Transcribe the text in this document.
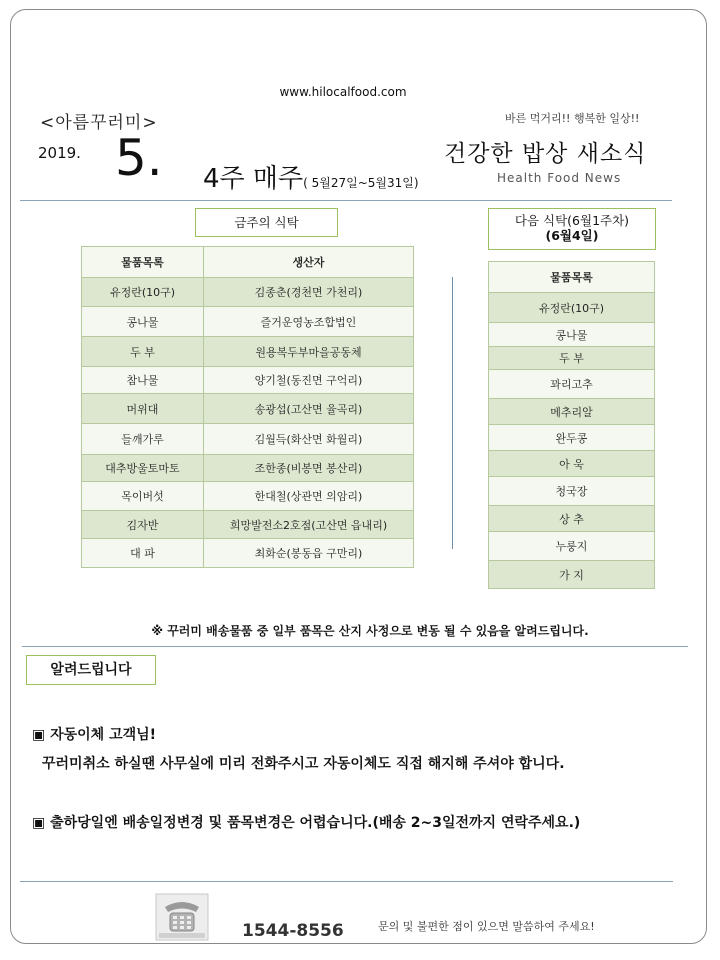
www.hilocalfood.com
<아름꾸러미>
2019. 5. 4주 매주( 5월27일~5월31일)
바른 먹거리!! 행복한 일상!!
건강한 밥상 새소식
Health Food News
금주의 식탁
물품목록	생산자
유정란(10구)	김종춘(경천면 가천리)
콩나물	즐거운영농조합법인
두 부	원용복두부마을공동체
참나물	양기철(동진면 구억리)
머위대	송광섭(고산면 율곡리)
들깨가루	김월득(화산면 화월리)
대추방울토마토	조한종(비봉면 봉산리)
목이버섯	한대철(상관면 의암리)
김자반	희망발전소2호점(고산면 읍내리)
대 파	최화순(봉동읍 구만리)
다음 식탁(6월1주차)
(6월4일)
물품목록
유정란(10구)
콩나물
두 부
꽈리고추
메추리알
완두콩
아 욱
청국장
상 추
누룽지
가 지
※ 꾸러미 배송물품 중 일부 품목은 산지 사정으로 변동 될 수 있음을 알려드립니다.
알려드립니다
▣ 자동이체 고객님!
꾸러미취소 하실땐 사무실에 미리 전화주시고 자동이체도 직접 해지해 주셔야 합니다.
▣ 출하당일엔 배송일정변경 및 품목변경은 어렵습니다.(배송 2~3일전까지 연락주세요.)
1544-8556	문의 및 불편한 점이 있으면 말씀하여 주세요!
